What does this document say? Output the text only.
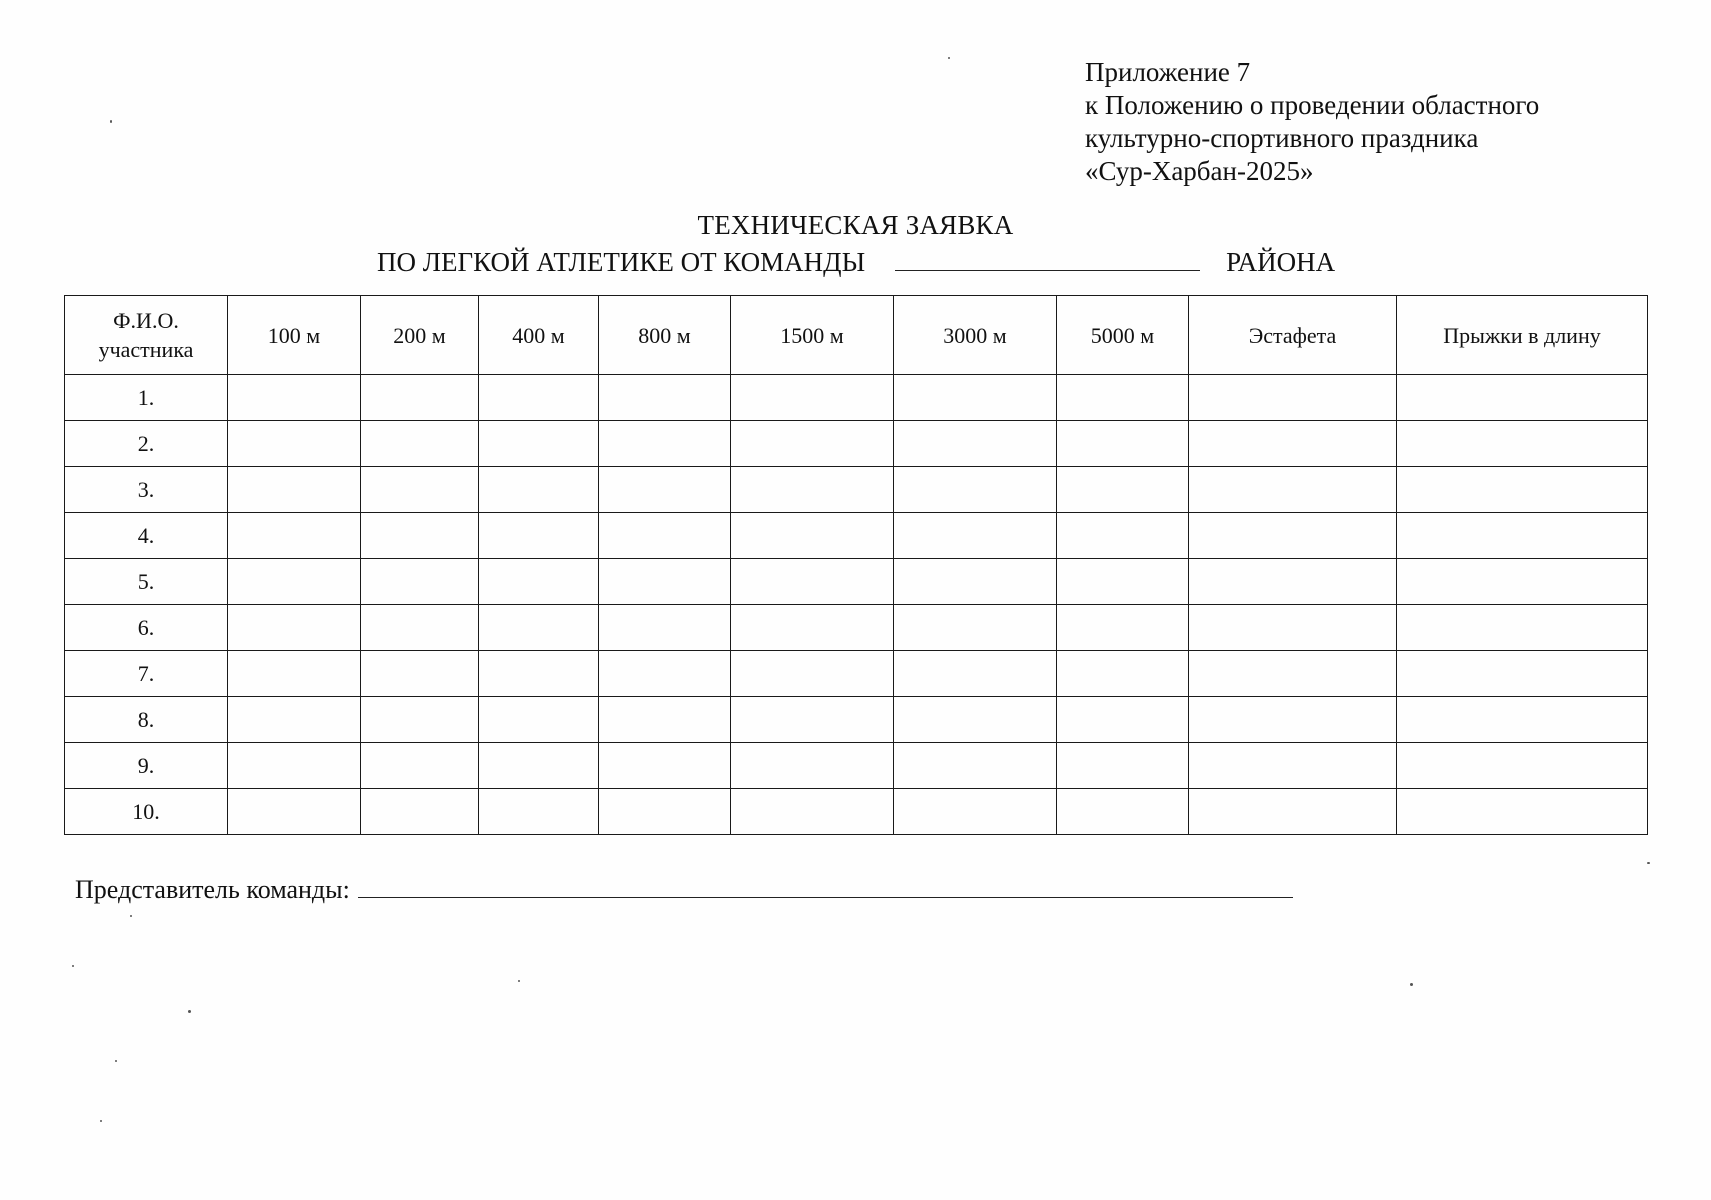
Приложение 7
к Положению о проведении областного
культурно-спортивного праздника
«Сур-Харбан-2025»
ТЕХНИЧЕСКАЯ ЗАЯВКА
ПО ЛЕГКОЙ АТЛЕТИКЕ ОТ КОМАНДЫ	РАЙОНА
Ф.И.О. участника	100 м	200 м	400 м	800 м	1500 м	3000 м	5000 м	Эстафета	Прыжки в длину
1.									
2.									
3.									
4.									
5.									
6.									
7.									
8.									
9.									
10.									
Представитель команды:
